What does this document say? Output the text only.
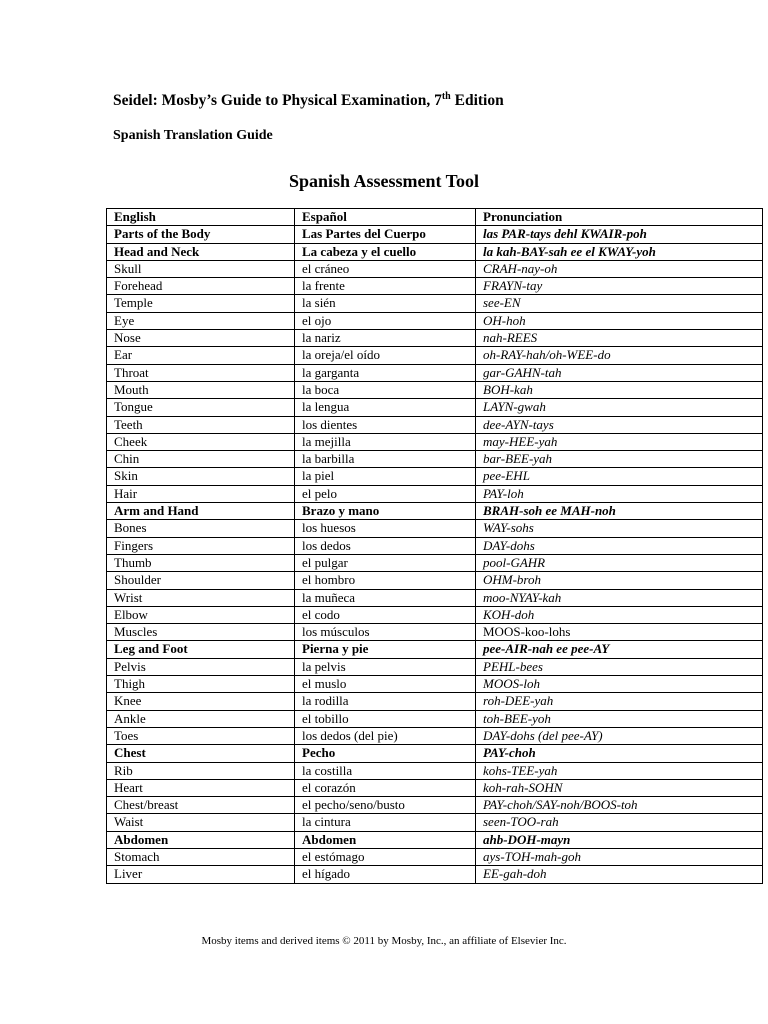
Seidel: Mosby’s Guide to Physical Examination, 7th Edition
Spanish Translation Guide
Spanish Assessment Tool
English	Español	Pronunciation
Parts of the Body	Las Partes del Cuerpo	las PAR-tays dehl KWAIR-poh
Head and Neck	La cabeza y el cuello	la kah-BAY-sah ee el KWAY-yoh
Skull	el cráneo	CRAH-nay-oh
Forehead	la frente	FRAYN-tay
Temple	la sién	see-EN
Eye	el ojo	OH-hoh
Nose	la nariz	nah-REES
Ear	la oreja/el oído	oh-RAY-hah/oh-WEE-do
Throat	la garganta	gar-GAHN-tah
Mouth	la boca	BOH-kah
Tongue	la lengua	LAYN-gwah
Teeth	los dientes	dee-AYN-tays
Cheek	la mejilla	may-HEE-yah
Chin	la barbilla	bar-BEE-yah
Skin	la piel	pee-EHL
Hair	el pelo	PAY-loh
Arm and Hand	Brazo y mano	BRAH-soh ee MAH-noh
Bones	los huesos	WAY-sohs
Fingers	los dedos	DAY-dohs
Thumb	el pulgar	pool-GAHR
Shoulder	el hombro	OHM-broh
Wrist	la muñeca	moo-NYAY-kah
Elbow	el codo	KOH-doh
Muscles	los músculos	MOOS-koo-lohs
Leg and Foot	Pierna y pie	pee-AIR-nah ee pee-AY
Pelvis	la pelvis	PEHL-bees
Thigh	el muslo	MOOS-loh
Knee	la rodilla	roh-DEE-yah
Ankle	el tobillo	toh-BEE-yoh
Toes	los dedos (del pie)	DAY-dohs (del pee-AY)
Chest	Pecho	PAY-choh
Rib	la costilla	kohs-TEE-yah
Heart	el corazón	koh-rah-SOHN
Chest/breast	el pecho/seno/busto	PAY-choh/SAY-noh/BOOS-toh
Waist	la cintura	seen-TOO-rah
Abdomen	Abdomen	ahb-DOH-mayn
Stomach	el estómago	ays-TOH-mah-goh
Liver	el hígado	EE-gah-doh
Mosby items and derived items © 2011 by Mosby, Inc., an affiliate of Elsevier Inc.
